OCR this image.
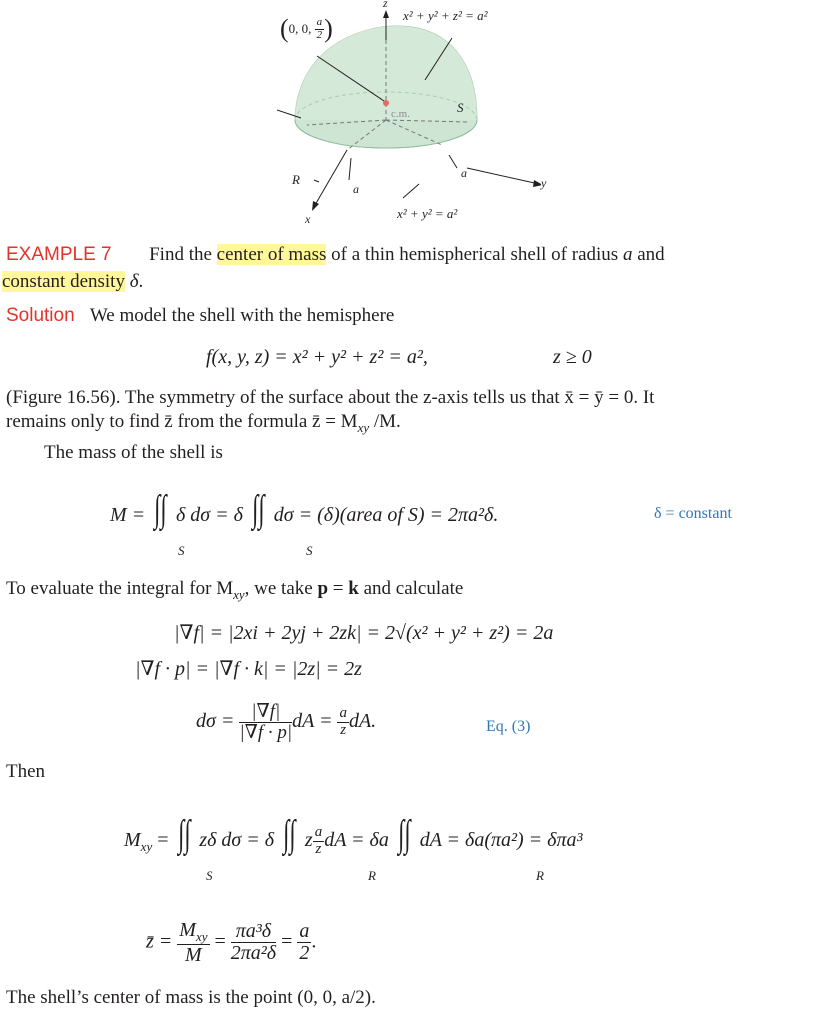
(0, 0, $\frac{a}{2}$ )
z
x² + y² + z² = a²
S
c.m.
R
a
a
y
x² + y² = a²
x
EXAMPLE 7 Find the center of mass of a thin hemispherical shell of radius a and
constant density δ.
Solution We model the shell with the hemisphere
f(x, y, z) = x² + y² + z² = a²,	z ≥ 0
(Figure 16.56). The symmetry of the surface about the z-axis tells us that x̄ = ȳ = 0. It
remains only to find z̄ from the formula z̄ = $M_{xy}$ /M.
The mass of the shell is
M = ∫∫ δ dσ = δ ∫∫ dσ = (δ)(area of S) = 2πa²δ.
S	S
δ = constant
To evaluate the integral for $M_{xy}$, we take p = k and calculate
|∇f| = |2xi + 2yj + 2zk| = 2√(x² + y² + z²) = 2a
|∇f · p| = |∇f · k| = |2z| = 2z
$d\sigma = \frac{|\nabla f|}{|\nabla f \cdot p|}$ dA = $\frac{a}{z}$ dA.	Eq. (3)
Then
$M_{xy}$ = ∫∫ zδ dσ = δ ∫∫ z $\frac{a}{z}$ dA = δa ∫∫ dA = δa(πa²) = δπa³
S	R	R
z̄ = $\frac{M_{xy}}{M} = \frac{\text{πa³δ}}{\text{2πa²δ}} = \frac{a}{2}$ .
The shell’s center of mass is the point (0, 0, a/2).
